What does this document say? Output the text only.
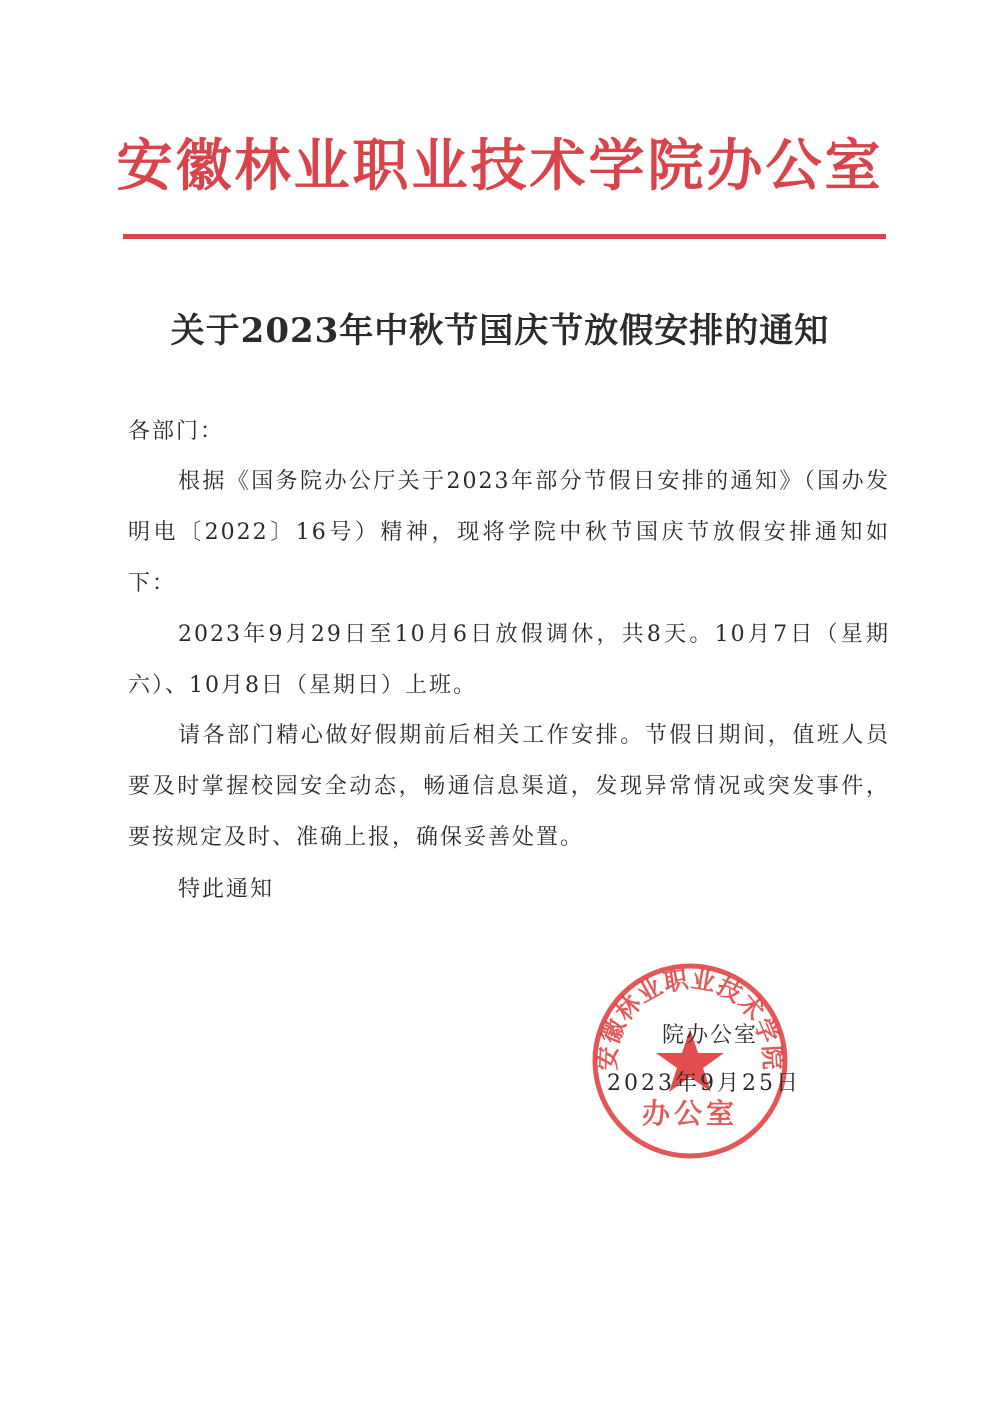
安徽林业职业技术学院办公室
关于2023年中秋节国庆节放假安排的通知
各部门：
根据《国务院办公厅关于2023年部分节假日安排的通知》（国办发明电〔2022〕16号）精神，现将学院中秋节国庆节放假安排通知如下：
2023年9月29日至10月6日放假调休，共8天。10月7日（星期六）、10月8日（星期日）上班。
请各部门精心做好假期前后相关工作安排。节假日期间，值班人员要及时掌握校园安全动态，畅通信息渠道，发现异常情况或突发事件，要按规定及时、准确上报，确保妥善处置。
特此通知
安徽林业职业技术学院
办公室
院办公室
2023年9月25日
